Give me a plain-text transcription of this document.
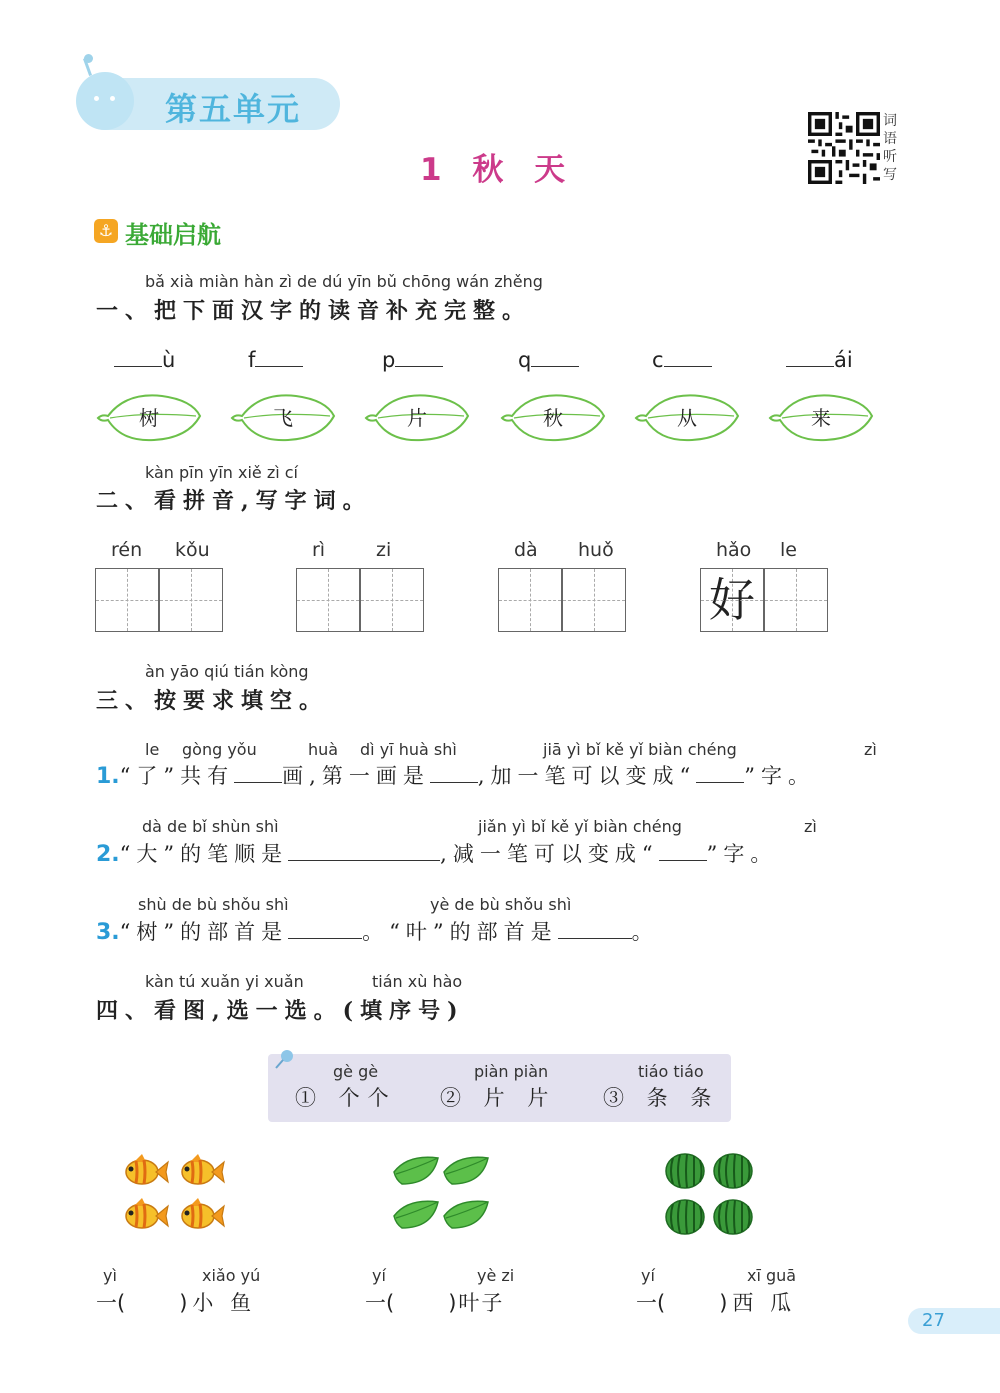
第五单元
1 秋 天
词语听写
⚓ 基础启航
bǎ xià miàn hàn zì de dú yīn bǔ chōng wán zhěng
一、把下面汉字的读音补充完整。
ù
树
f
飞
p
片
q
秋
c
从
ái
来
kàn pīn yīn xiě zì cí
二、看拼音,写字词。
rén kǒu	rì	zi	dà huǒ	hǎo le
好
àn yāo qiú tián kòng
三、按要求填空。
le gòng yǒu	huà dì yī huà shì	jiā yì bǐ kě yǐ biàn chéng	zì
1.“了”共有 画,第一画是 ,加一笔可以变成“ ”字。
dà de bǐ shùn shì	jiǎn yì bǐ kě yǐ biàn chéng	zì
2.“大”的笔顺是	,减一笔可以变成“ ”字。
shù de bù shǒu shì	yè de bù shǒu shì
3.“树”的部首是	。“叶”的部首是	。
kàn tú xuǎn yi xuǎn	tián xù hào
四、看图,选一选。(填序号)
gè gè	piàn piàn	tiáo tiáo
① 个个 ② 片 片 ③ 条 条
yì	xiǎo yú
一(	)小 鱼
yí	yè zi
一(	)叶子
yí	xī guā
一(	)西 瓜
27
